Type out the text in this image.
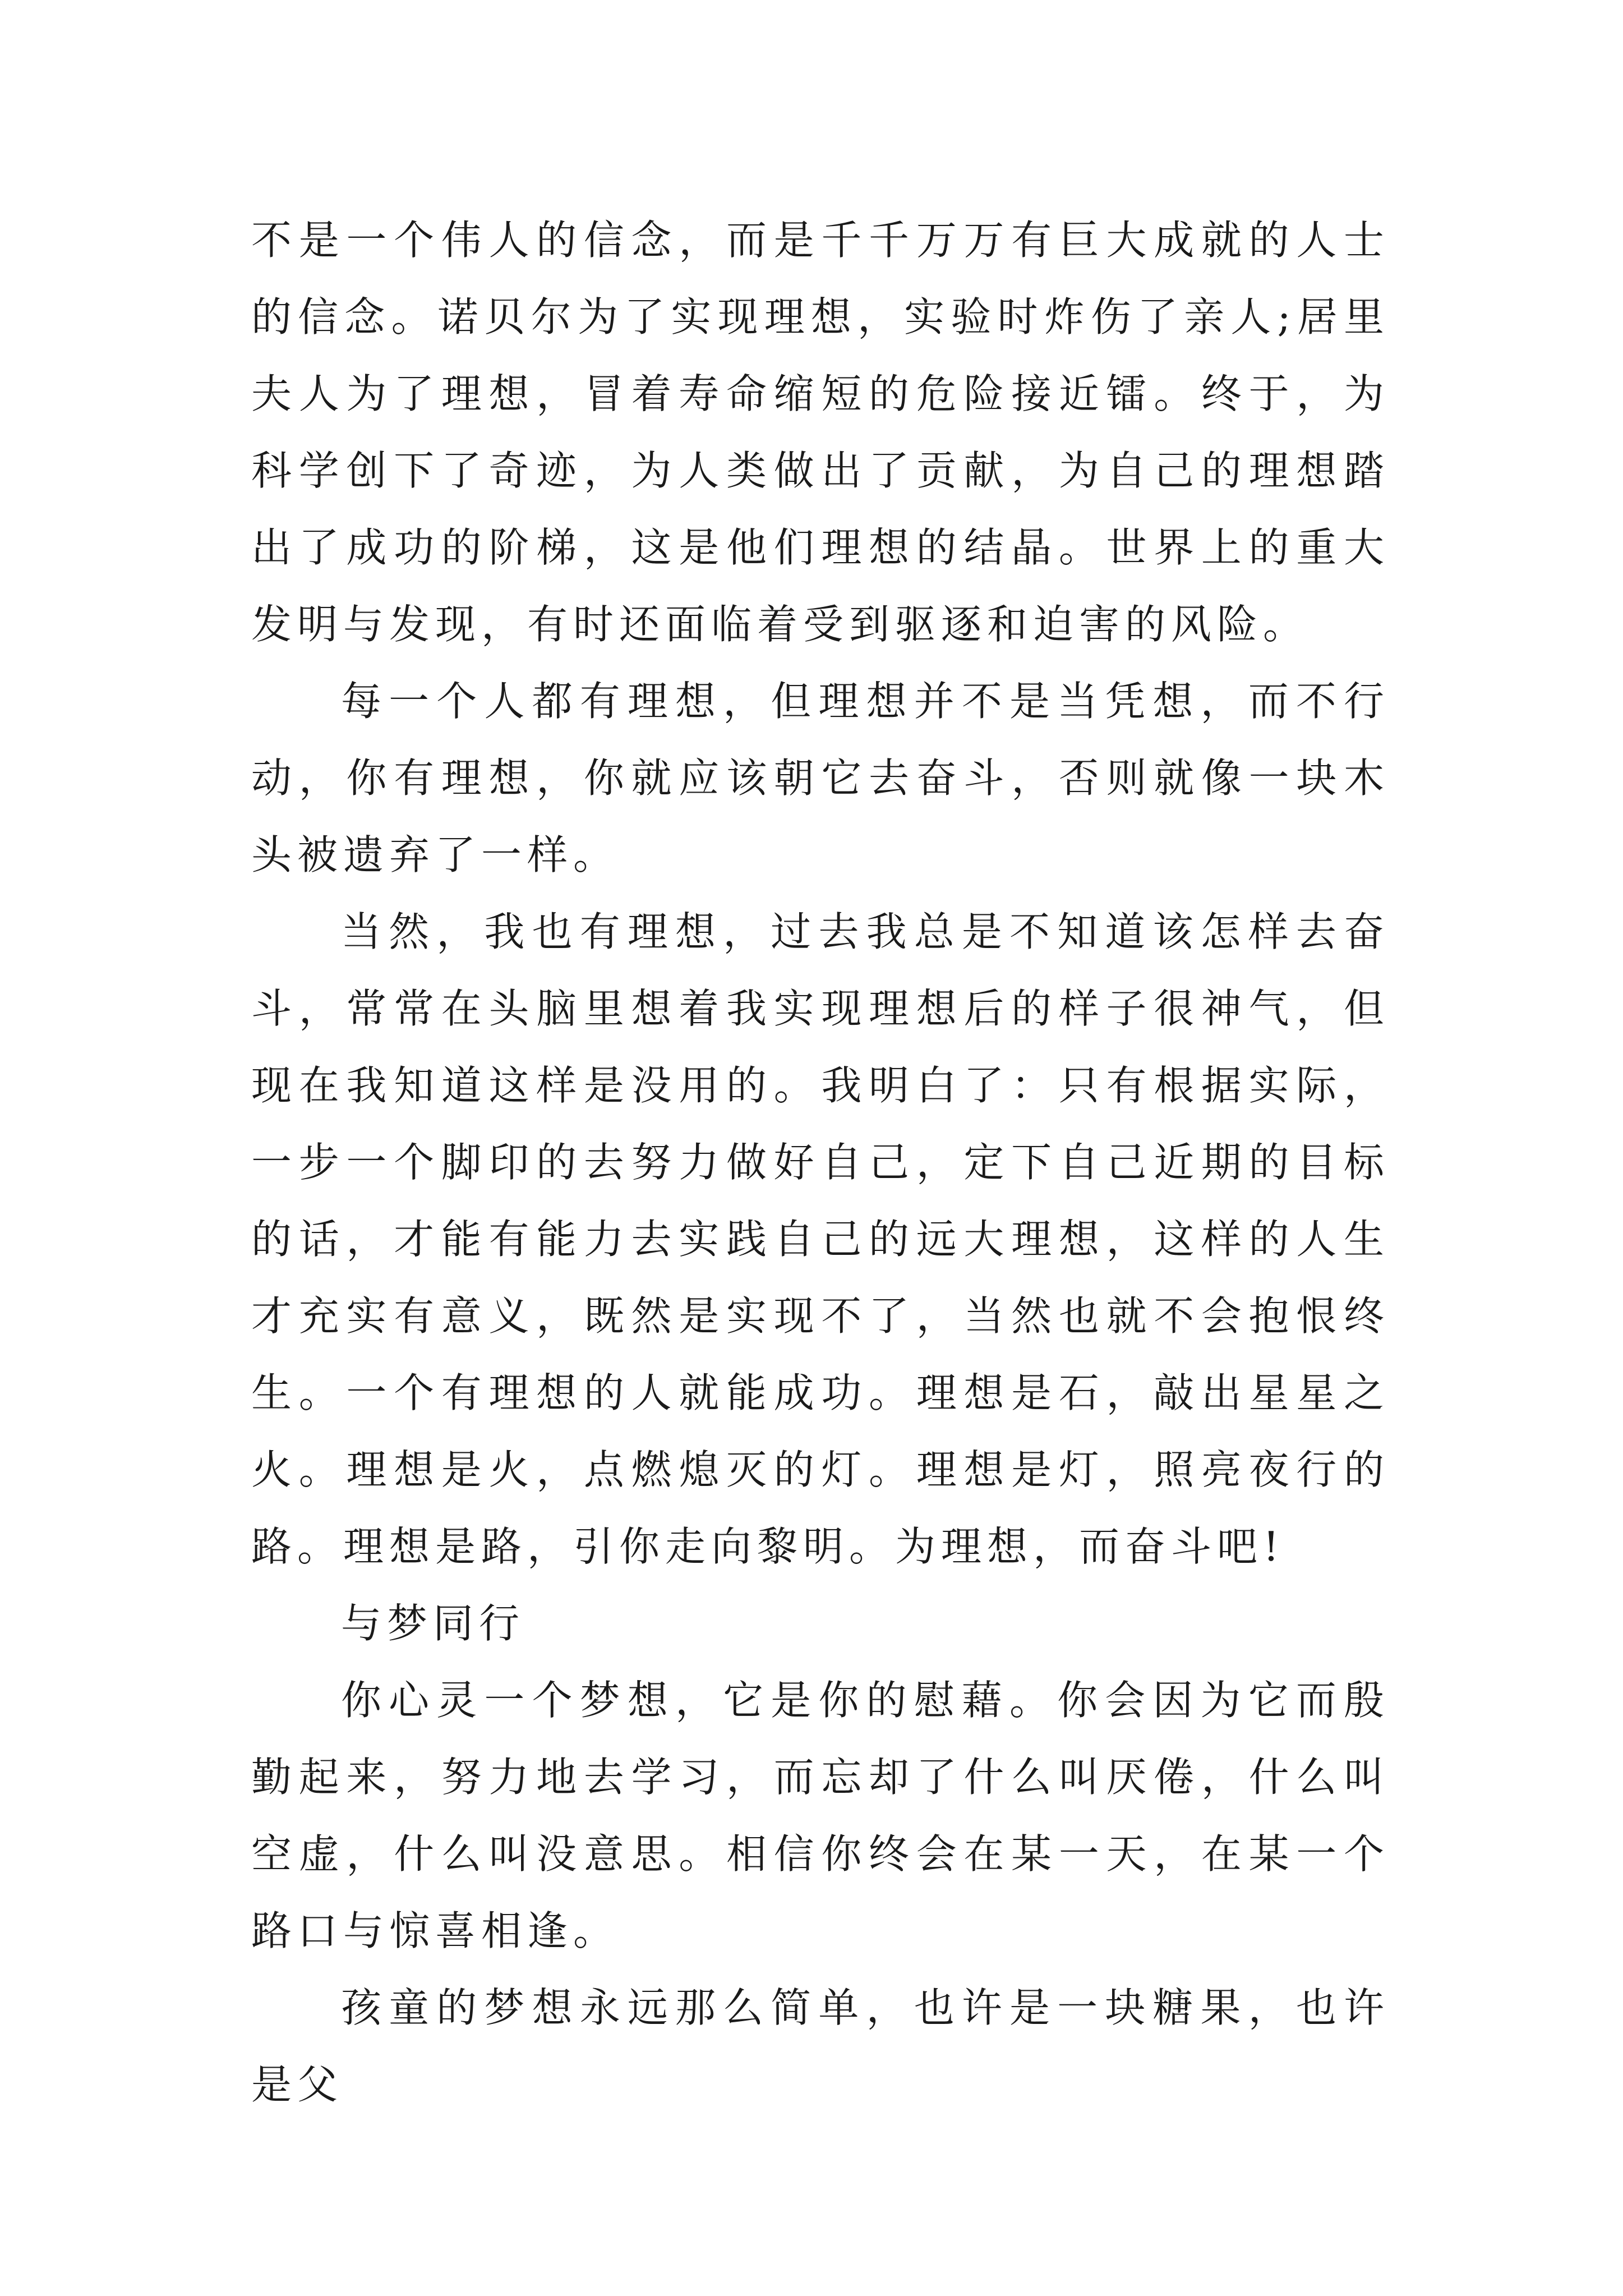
不是一个伟人的信念，而是千千万万有巨大成就的人士的信念。诺贝尔为了实现理想，实验时炸伤了亲人;居里夫人为了理想，冒着寿命缩短的危险接近镭。终于，为科学创下了奇迹，为人类做出了贡献，为自己的理想踏出了成功的阶梯，这是他们理想的结晶。世界上的重大发明与发现，有时还面临着受到驱逐和迫害的风险。

每一个人都有理想，但理想并不是当凭想，而不行动，你有理想，你就应该朝它去奋斗，否则就像一块木头被遗弃了一样。

当然，我也有理想，过去我总是不知道该怎样去奋斗，常常在头脑里想着我实现理想后的样子很神气，但现在我知道这样是没用的。我明白了：只有根据实际，一步一个脚印的去努力做好自己，定下自己近期的目标的话，才能有能力去实践自己的远大理想，这样的人生才充实有意义，既然是实现不了，当然也就不会抱恨终生。一个有理想的人就能成功。理想是石，敲出星星之火。理想是火，点燃熄灭的灯。理想是灯，照亮夜行的路。理想是路，引你走向黎明。为理想，而奋斗吧!

与梦同行

你心灵一个梦想，它是你的慰藉。你会因为它而殷勤起来，努力地去学习，而忘却了什么叫厌倦，什么叫空虚，什么叫没意思。相信你终会在某一天，在某一个路口与惊喜相逢。

孩童的梦想永远那么简单，也许是一块糖果，也许是父
